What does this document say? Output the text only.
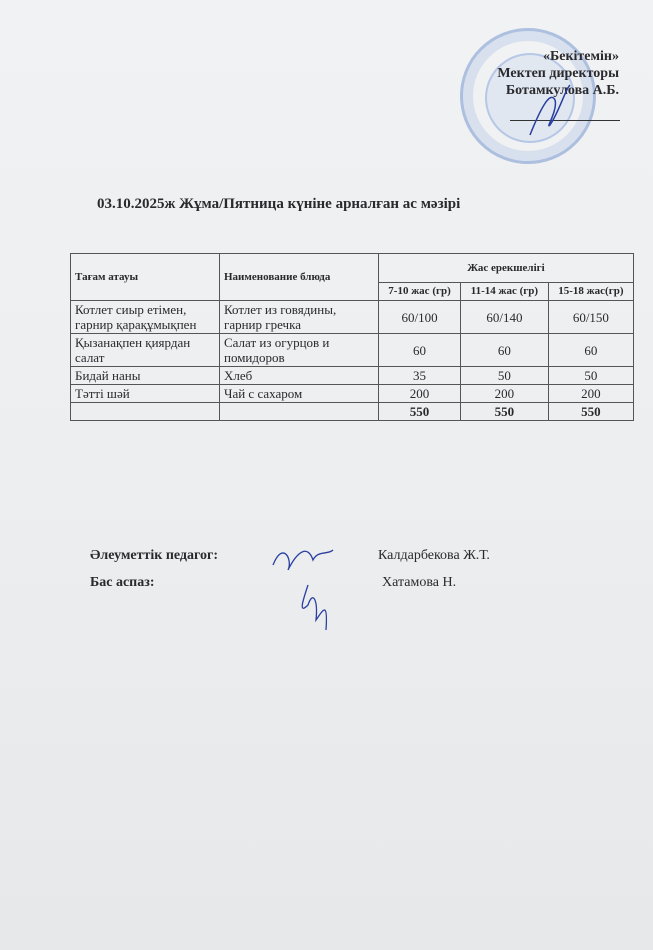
«Бекітемін»
Мектеп директоры
Ботамкулова А.Б.
03.10.2025ж Жұма/Пятница күніне арналған ас мәзірі
Тағам атауы	Наименование блюда	Жас ерекшелігі		
		7-10 жас (гр)	11-14 жас (гр)	15-18 жас(гр)
Котлет сиыр етімен, гарнир қарақұмықпен	Котлет из говядины, гарнир гречка	60/100	60/140	60/150
Қызанақпен қиярдан салат	Салат из огурцов и помидоров	60	60	60
Бидай наны	Хлеб	35	50	50
Тәтті шәй	Чай с сахаром	200	200	200
		550	550	550
Әлеуметтік педагог:	Калдарбекова Ж.Т.
Бас аспаз:	Хатамова Н.
